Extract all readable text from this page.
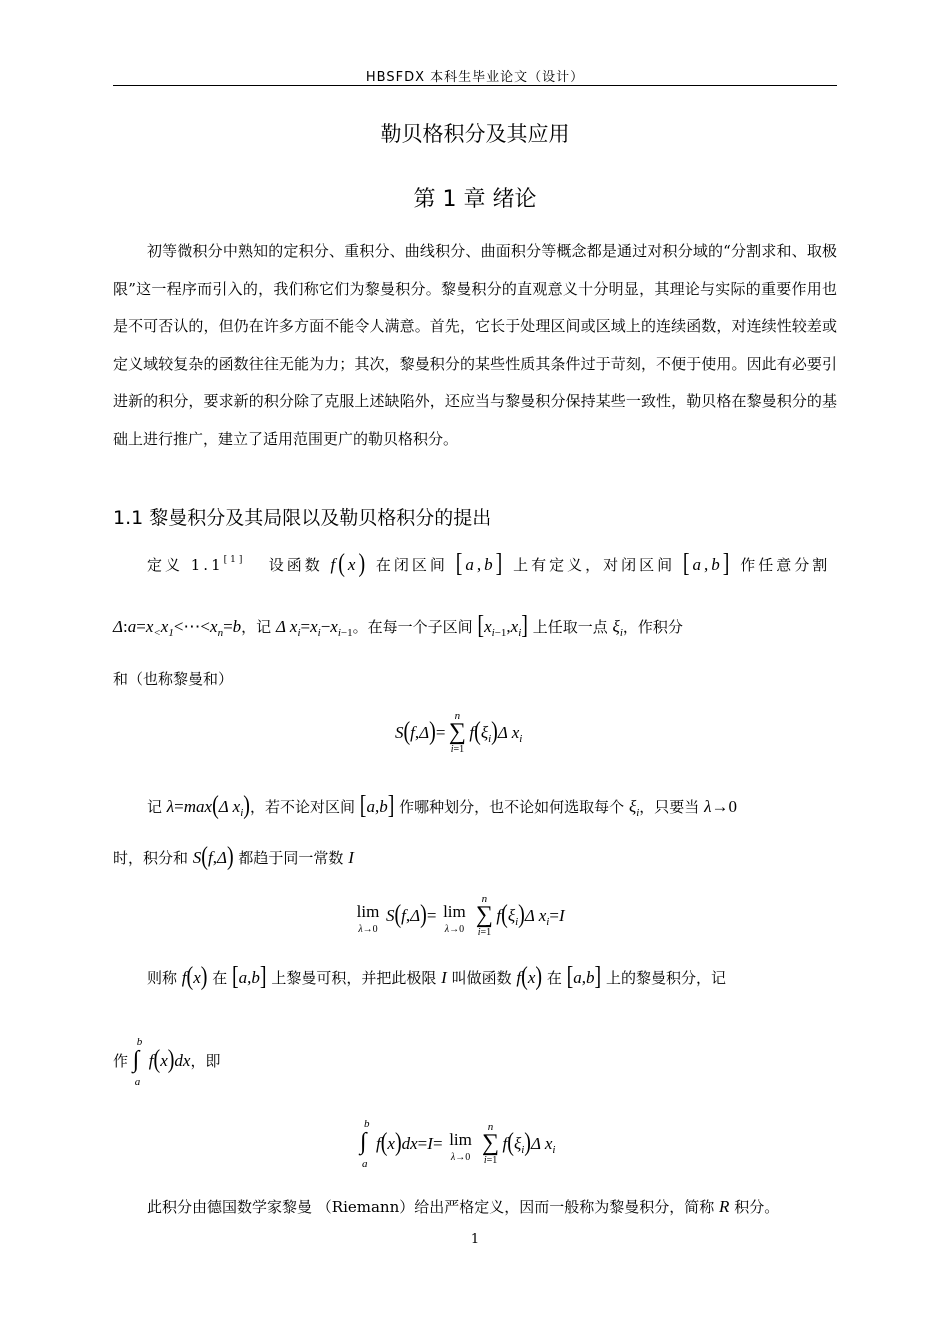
HBSFDX 本科生毕业论文（设计）
勒贝格积分及其应用
第 1 章 绪论
初等微积分中熟知的定积分、重积分、曲线积分、曲面积分等概念都是通过对积分域的“分割求和、取极限”这一程序而引入的，我们称它们为黎曼积分。黎曼积分的直观意义十分明显，其理论与实际的重要作用也是不可否认的，但仍在许多方面不能令人满意。首先，它长于处理区间或区域上的连续函数，对连续性较差或定义域较复杂的函数往往无能为力；其次，黎曼积分的某些性质其条件过于苛刻，不便于使用。因此有必要引进新的积分，要求新的积分除了克服上述缺陷外，还应当与黎曼积分保持某些一致性，勒贝格在黎曼积分的基础上进行推广，建立了适用范围更广的勒贝格积分。
1.1 黎曼积分及其局限以及勒贝格积分的提出
定义 1.1[1] 设函数 f(x) 在闭区间 [a,b] 上有定义，对闭区间 [a,b] 作任意分割
$\Delta:a=x_<x_1<\cdots<x_n=b$，记 Δ $x_i=x_i-x_{i-1}$。在每一个子区间 $[x_{i-1},x_i]$ 上任取一点 $\xi_i$，作积分
和（也称黎曼和）
S(f,Δ)=
n
∑
i=1
$f(\xi_i)\Delta$ $x_i$
记 λ=max(Δ $x_i$)，若不论对区间 [a,b] 作哪种划分，也不论如何选取每个 $\xi_i$，只要当 λ→0
时，积分和 S(f,Δ) 都趋于同一常数 I
lim
λ→0
S(f,Δ)= lim
λ→0
n
∑
i=1
$f(\xi_i)\Delta$ $x_i=I$
则称 f(x) 在 [a,b] 上黎曼可积，并把此极限 I 叫做函数 f(x) 在 [a,b] 上的黎曼积分，记
作
b
∫
a
f(x)dx，即
b
∫
a
f(x)dx=I= lim
λ→0
n
∑
i=1
$f(\xi_i)\Delta$ $x_i$
此积分由德国数学家黎曼 （Riemann）给出严格定义，因而一般称为黎曼积分，简称 R 积分。
1
